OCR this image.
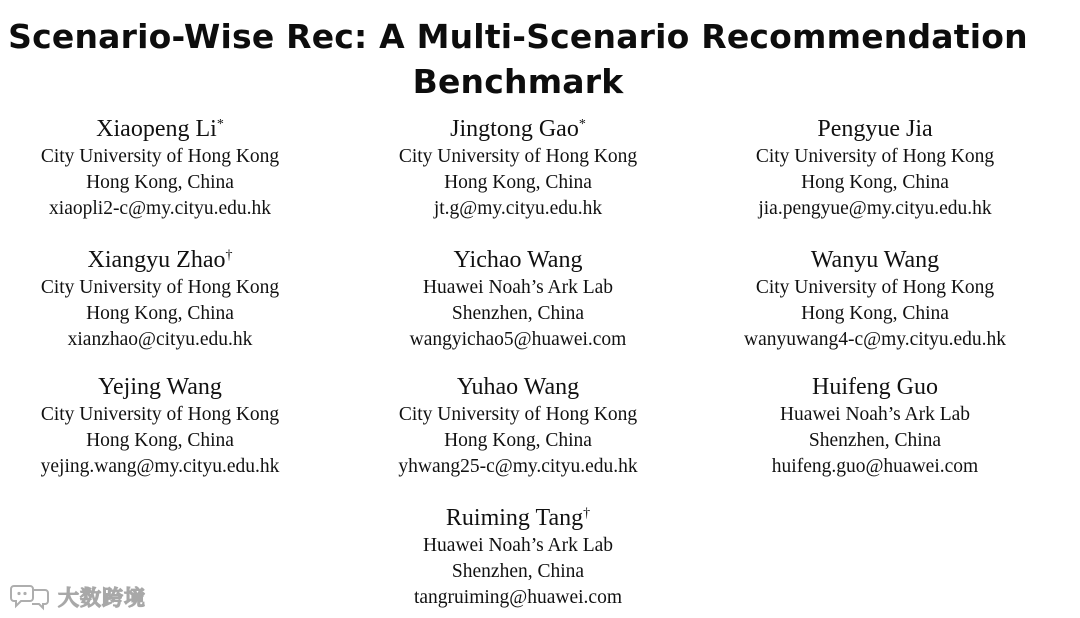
Scenario-Wise Rec: A Multi-Scenario Recommendation Benchmark
Xiaopeng Li*
City University of Hong Kong
Hong Kong, China
xiaopli2-c@my.cityu.edu.hk
Jingtong Gao*
City University of Hong Kong
Hong Kong, China
jt.g@my.cityu.edu.hk
Pengyue Jia
City University of Hong Kong
Hong Kong, China
jia.pengyue@my.cityu.edu.hk
Xiangyu Zhao†
City University of Hong Kong
Hong Kong, China
xianzhao@cityu.edu.hk
Yichao Wang
Huawei Noah’s Ark Lab
Shenzhen, China
wangyichao5@huawei.com
Wanyu Wang
City University of Hong Kong
Hong Kong, China
wanyuwang4-c@my.cityu.edu.hk
Yejing Wang
City University of Hong Kong
Hong Kong, China
yejing.wang@my.cityu.edu.hk
Yuhao Wang
City University of Hong Kong
Hong Kong, China
yhwang25-c@my.cityu.edu.hk
Huifeng Guo
Huawei Noah’s Ark Lab
Shenzhen, China
huifeng.guo@huawei.com
Ruiming Tang†
Huawei Noah’s Ark Lab
Shenzhen, China
tangruiming@huawei.com
大数跨境
